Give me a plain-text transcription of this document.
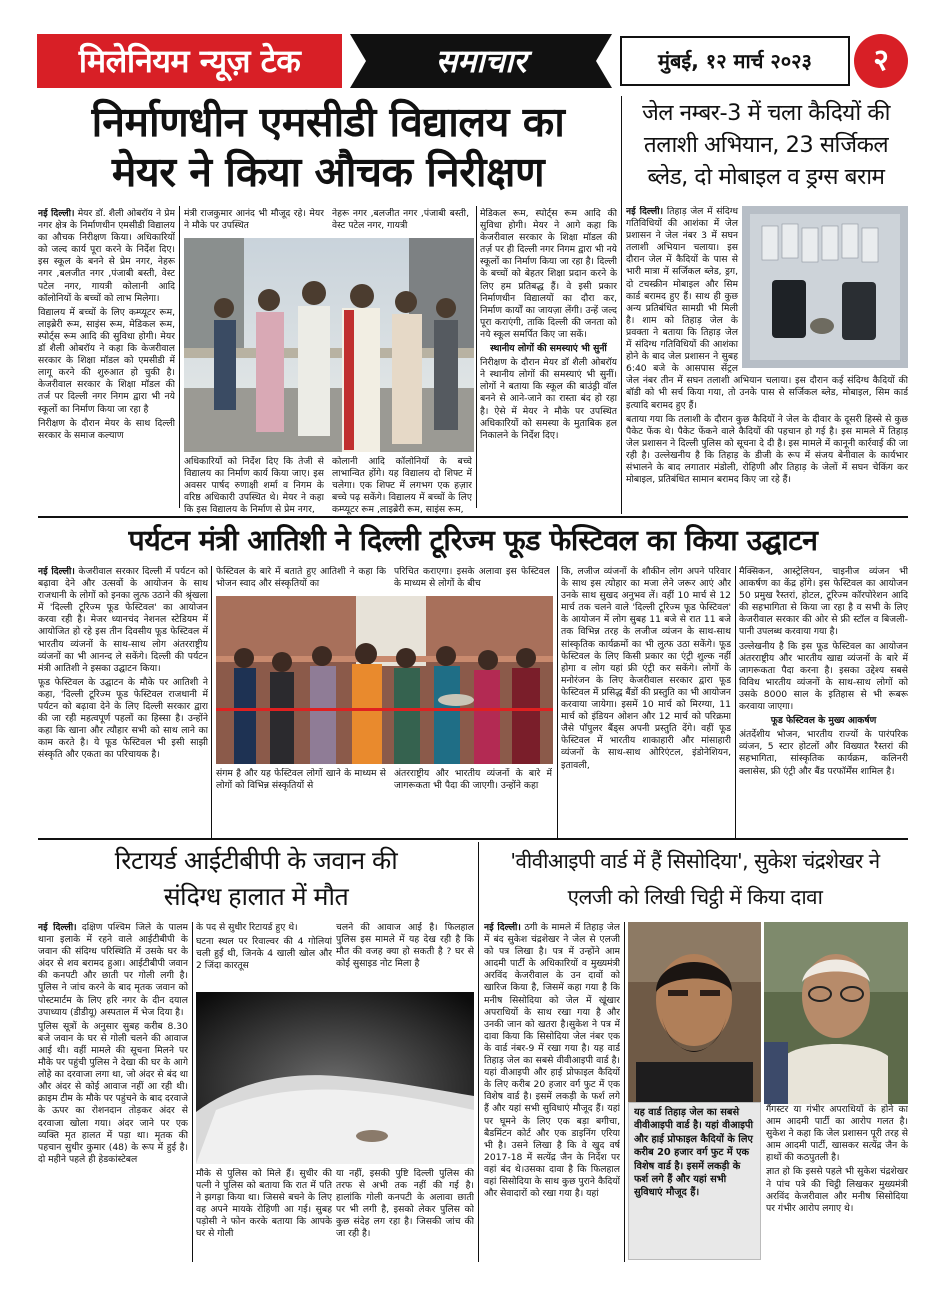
मिलेनियम न्यूज़ टेक	समाचार	मुंबई, १२ मार्च २०२३	२
निर्माणधीन एमसीडी विद्यालय का
मेयर ने किया औचक निरीक्षण

नई दिल्ली। मेयर डॉ. शैली ओबरॉय ने प्रेम नगर क्षेत्र के निर्माणधीन एमसीडी विद्यालय का औचक निरीक्षण किया। अधिकारियों को जल्द कार्य पूरा करने के निर्देश दिए। इस स्कूल के बनने से प्रेम नगर, नेहरू नगर ,बलजीत नगर ,पंजाबी बस्ती, वेस्ट पटेल नगर, गायत्री कोलानी आदि कॉलोनियों के बच्चों को लाभ मिलेगा।

विद्यालय में बच्चों के लिए कम्प्यूटर रूम, लाइब्रेरी रूम, साइंस रूम, मेडिकल रूम, स्पोर्ट्स रूम आदि की सुविधा होगी। मेयर डॉ शैली ओबरॉय ने कहा कि केजरीवाल सरकार के शिक्षा मॉडल को एमसीडी में लागू करने की शुरुआत हो चुकी है। केजरीवाल सरकार के शिक्षा मॉडल की तर्ज पर दिल्ली नगर निगम द्वारा भी नये स्कूलों का निर्माण किया जा रहा है

निरीक्षण के दौरान मेयर के साथ दिल्ली सरकार के समाज कल्याण

मंत्री राजकुमार आनंद भी मौजूद रहे। मेयर ने मौके पर उपस्थित
नेहरू नगर ,बलजीत नगर ,पंजाबी बस्ती, वेस्ट पटेल नगर, गायत्री
अधिकारियों को निर्देश दिए कि तेजी से विद्यालय का निर्माण कार्य किया जाए। इस अवसर पार्षद रुणाक्षी शर्मा व निगम के वरिष्ठ अधिकारी उपस्थित थे। मेयर ने कहा कि इस विद्यालय के निर्माण से प्रेम नगर,
कोलानी आदि कॉलोनियों के बच्चे लाभान्वित होंगे। यह विद्यालय दो शिफ्ट में चलेगा। एक शिफ्ट में लगभग एक हज़ार बच्चे पढ़ सकेंगे। विद्यालय में बच्चों के लिए कम्प्यूटर रूम ,लाइब्रेरी रूम, साइंस रूम,

मेडिकल रूम, स्पोर्ट्स रूम आदि की सुविधा होगी। मेयर ने आगे कहा कि केजरीवाल सरकार के शिक्षा मॉडल की तर्ज़ पर ही दिल्ली नगर निगम द्वारा भी नये स्कूलों का निर्माण किया जा रहा है। दिल्ली के बच्चों को बेहतर शिक्षा प्रदान करने के लिए हम प्रतिबद्ध हैं। वे इसी प्रकार निर्माणधीन विद्यालयों का दौरा कर, निर्माण कार्यों का जायज़ा लेंगी। उन्हें जल्द पूरा कराएंगी, ताकि दिल्ली की जनता को नये स्कूल समर्पित किए जा सकें।

स्थानीय लोगों की समस्याएं भी सुनीं

निरीक्षण के दौरान मेयर डॉ शैली ओबरॉय ने स्थानीय लोगों की समस्याएं भी सुनीं। लोगों ने बताया कि स्कूल की बाउंड्री वॉल बनने से आने-जाने का रास्ता बंद हो रहा है। ऐसे में मेयर ने मौके पर उपस्थित अधिकारियों को समस्या के मुताबिक हल निकालने के निर्देश दिए।

जेल नम्बर-3 में चला कैदियों की
तलाशी अभियान, 23 सर्जिकल
ब्लेड, दो मोबाइल व ड्रग्स बराम

नई दिल्ली। तिहाड़ जेल में संदिग्ध गतिविधियों की आशंका में जेल प्रशासन ने जेल नंबर 3 में सघन तलाशी अभियान चलाया। इस दौरान जेल में कैदियों के पास से भारी मात्रा में सर्जिकल ब्लेड, ड्रग, दो टचस्क्रीन मोबाइल और सिम कार्ड बरामद हुए हैं। साथ ही कुछ अन्य प्रतिबंधित सामग्री भी मिली है। शाम को तिहाड़ जेल के प्रवक्ता ने बताया कि तिहाड़ जेल में संदिग्ध गतिविधियों की आशंका होने के बाद जेल प्रशासन ने सुबह 6:40 बजे के आसपास सेंट्रल जेल नंबर तीन में सघन तलाशी अभियान चलाया। इस दौरान कई संदिग्ध कैदियों की बॉडी को भी सर्च किया गया, तो उनके पास से सर्जिकल ब्लेड, मोबाइल, सिम कार्ड इत्यादि बरामद हुए हैं।

बताया गया कि तलाशी के दौरान कुछ कैदियों ने जेल के दीवार के दूसरी हिस्से से कुछ पैकेट फेंक थे। पैकेट फेंकने वाले कैदियों की पहचान हो गई है। इस मामले में तिहाड़ जेल प्रशासन ने दिल्ली पुलिस को सूचना दे दी है। इस मामले में कानूनी कार्रवाई की जा रही है। उल्लेखनीय है कि तिहाड़ के डीजी के रूप में संजय बेनीवाल के कार्यभार संभालने के बाद लगातार मंडोली, रोहिणी और तिहाड़ के जेलों में सघन चेकिंग कर मोबाइल, प्रतिबंधित सामान बरामद किए जा रहे हैं।

पर्यटन मंत्री आतिशी ने दिल्ली टूरिज्म फूड फेस्टिवल का किया उद्घाटन

नई दिल्ली। केजरीवाल सरकार दिल्ली में पर्यटन को बढ़ावा देने और उत्सवों के आयोजन के साथ राजधानी के लोगों को इनका लुत्फ उठाने की श्रृंखला में 'दिल्ली टूरिज्म फूड फेस्टिवल' का आयोजन करवा रही है। मेजर ध्यानचंद नेशनल स्टेडियम में आयोजित हो रहे इस तीन दिवसीय फूड फेस्टिवल में भारतीय व्यंजनों के साथ-साथ लोग अंतरराष्ट्रीय व्यंजनों का भी आनन्द ले सकेंगे। दिल्ली की पर्यटन मंत्री आतिशी ने इसका उद्घाटन किया।

फूड फेस्टिवल के उद्घाटन के मौके पर आतिशी ने कहा, 'दिल्ली टूरिज्म फूड फेस्टिवल राजधानी में पर्यटन को बढ़ावा देने के लिए दिल्ली सरकार द्वारा की जा रही महत्वपूर्ण पहलों का हिस्सा है। उन्होंने कहा कि खाना और त्यौहार सभी को साथ लाने का काम करते है। ये फूड फेस्टिवल भी इसी साझी संस्कृति और एकता का परिचायक है।

फेस्टिवल के बारे में बताते हुए आतिशी ने कहा कि भोजन स्वाद और संस्कृतियों का
परिचित कराएगा। इसके अलावा इस फेस्टिवल के माध्यम से लोगों के बीच
संगम है और यह फेस्टिवल लोगों खाने के माध्यम से लोगों को विभिन्न संस्कृतियों से
अंतरराष्ट्रीय और भारतीय व्यंजनों के बारे में जागरूकता भी पैदा की जाएगी। उन्होंने कहा
कि, लजीज व्यंजनों के शौकीन लोग अपने परिवार के साथ इस त्योहार का मजा लेने जरूर आएं और उनके साथ सुखद अनुभव लें। वहीं 10 मार्च से 12 मार्च तक चलने वाले 'दिल्ली टूरिज्म फूड फेस्टिवल' के आयोजन में लोग सुबह 11 बजे से रात 11 बजे तक विभिन्न तरह के लजीज व्यंजन के साथ-साथ सांस्कृतिक कार्यक्रमों का भी लुत्फ उठा सकेंगे। फूड फेस्टिवल के लिए किसी प्रकार का एंट्री शुल्क नहीं होगा व लोग यहां फ्री एंट्री कर सकेंगे। लोगों के मनोरंजन के लिए केजरीवाल सरकार द्वारा फूड फेस्टिवल में प्रसिद्ध बैंडों की प्रस्तुति का भी आयोजन करवाया जायेगा। इसमें 10 मार्च को मिरग्या, 11 मार्च को इंडियन ओशन और 12 मार्च को परिक्रमा जैसे पॉपुलर बैंड्स अपनी प्रस्तुति देंगे। वहीं फूड फेस्टिवल में भारतीय शाकाहारी और मांसाहारी व्यंजनों के साथ-साथ ओरिएंटल, इंडोनेशियन, इतावली,

मैक्सिकन, आस्ट्रेलियन, चाइनीज व्यंजन भी आकर्षण का केंद्र होंगे। इस फेस्टिवल का आयोजन 50 प्रमुख रैस्तरां, होटल, टूरिज्म कॉरपोरेशन आदि की सहभागिता से किया जा रहा है व सभी के लिए केजरीवाल सरकार की ओर से फ्री स्टॉल व बिजली-पानी उपलब्ध करवाया गया है।

उल्लेखनीय है कि इस फूड फेस्टिवल का आयोजन अंतरराष्ट्रीय और भारतीय खाद्य व्यंजनों के बारे में जागरूकता पैदा करना है। इसका उद्देश्य सबसे विविध भारतीय व्यंजनों के साथ-साथ लोगों को उसके 8000 साल के इतिहास से भी रूबरू करवाया जाएगा।

फूड फेस्टिवल के मुख्य आकर्षण

अंतर्देशीय भोजन, भारतीय राज्यों के पारंपरिक व्यंजन, 5 स्टार होटलों और विख्यात रैस्तरां की सहभागिता, सांस्कृतिक कार्यक्रम, कलिनरी क्लासेस, फ्री एंट्री और बैंड परफॉर्मेंस शामिल है।

रिटायर्ड आईटीबीपी के जवान की
संदिग्ध हालात में मौत

नई दिल्ली। दक्षिण पश्चिम जिले के पालम थाना इलाके में रहने वाले आईटीबीपी के जवान की संदिग्ध परिस्थिति में उसके घर के अंदर से शव बरामद हुआ। आईटीबीपी जवान की कनपटी और छाती पर गोली लगी है। पुलिस ने जांच करने के बाद मृतक जवान को पोस्टमार्टम के लिए हरि नगर के दीन दयाल उपाध्याय (डीडीयू) अस्पताल में भेज दिया है।

पुलिस सूत्रों के अनुसार सुबह करीब 8.30 बजे जवान के घर से गोली चलने की आवाज आई थी। वहीं मामले की सूचना मिलने पर मौके पर पहुंची पुलिस ने देखा की घर के आगे लोहे का दरवाजा लगा था, जो अंदर से बंद था और अंदर से कोई आवाज नहीं आ रही थी। क्राइम टीम के मौके पर पहुंचने के बाद दरवाजे के ऊपर का रोशनदान तोड़कर अंदर से दरवाजा खोला गया। अंदर जाने पर एक व्यक्ति मृत हालत में पड़ा था। मृतक की पहचान सुधीर कुमार (48) के रूप में हुई है। दो महीने पहले ही हेडकांस्टेबल

के पद से सुधीर रिटायर्ड हुए थे।

घटना स्थल पर रिवाल्वर की 4 गोलियां चली हुई थी, जिनके 4 खाली खोल और 2 जिंदा कारतूस

चलने की आवाज आई है। फिलहाल पुलिस इस मामले में यह देख रही है कि मौत की वजह क्या हो सकती है ? घर से कोई सुसाइड नोट मिला है
मौके से पुलिस को मिले हैं। सुधीर की पत्नी ने पुलिस को बताया कि रात में पति ने झगड़ा किया था। जिससे बचने के लिए वह अपने मायके रोहिणी आ गई। सुबह पड़ोसी ने फोन करके बताया कि आपके घर से गोली
या नहीं, इसकी पुष्टि दिल्ली पुलिस की तरफ से अभी तक नहीं की गई है। हालांकि गोली कनपटी के अलावा छाती पर भी लगी है, इसको लेकर पुलिस को कुछ संदेह लग रहा है। जिसकी जांच की जा रही है।
'वीवीआइपी वार्ड में हैं सिसोदिया', सुकेश चंद्रशेखर ने
एलजी को लिखी चिट्ठी में किया दावा

नई दिल्ली। ठगी के मामले में तिहाड़ जेल में बंद सुकेश चंद्रशेखर ने जेल से एलजी को पत्र लिखा है। पत्र में उन्होंने आम आदमी पार्टी के अधिकारियों व मुख्यमंत्री अरविंद केजरीवाल के उन दावों को खारिज किया है, जिसमें कहा गया है कि मनीष सिसोदिया को जेल में खूंखार अपराधियों के साथ रखा गया है और उनकी जान को खतरा है।सुकेश ने पत्र में दावा किया कि सिसोदिया जेल नंबर एक के वार्ड नंबर-9 में रखा गया है। यह वार्ड तिहाड़ जेल का सबसे वीवीआइपी वार्ड है। यहां वीआइपी और हाई प्रोफाइल कैदियों के लिए करीब 20 हजार वर्ग फुट में एक विशेष वार्ड है। इसमें लकड़ी के फर्श लगे हैं और यहां सभी सुविधाएं मौजूद हैं। यहां पर घूमने के लिए एक बड़ा बगीचा, बैडमिंटन कोर्ट और एक डाइनिंग एरिया भी है। उसने लिखा है कि वे खुद वर्ष 2017-18 में सत्येंद्र जैन के निर्देश पर वहां बंद थे।उसका दावा है कि फिलहाल वहां सिसोदिया के साथ कुछ पुराने कैदियों और सेवादारों को रखा गया है। यहां

यह वार्ड तिहाड़ जेल का सबसे वीवीआइपी वार्ड है। यहां वीआइपी और हाई प्रोफाइल कैदियों के लिए करीब 20 हजार वर्ग फुट में एक विशेष वार्ड है। इसमें लकड़ी के फर्श लगे हैं और यहां सभी सुविधाएं मौजूद हैं।

गैंगस्टर या गंभीर अपराधियों के होने का आम आदमी पार्टी का आरोप गलत है। सुकेश ने कहा कि जेल प्रशासन पूरी तरह से आम आदमी पार्टी, खासकर सत्येंद्र जैन के हाथों की कठपुतली है।

ज्ञात हो कि इससे पहले भी सुकेश चंद्रशेखर ने पांच पत्रे की चिट्ठी लिखकर मुख्यमंत्री अरविंद केजरीवाल और मनीष सिसोदिया पर गंभीर आरोप लगाए थे।
